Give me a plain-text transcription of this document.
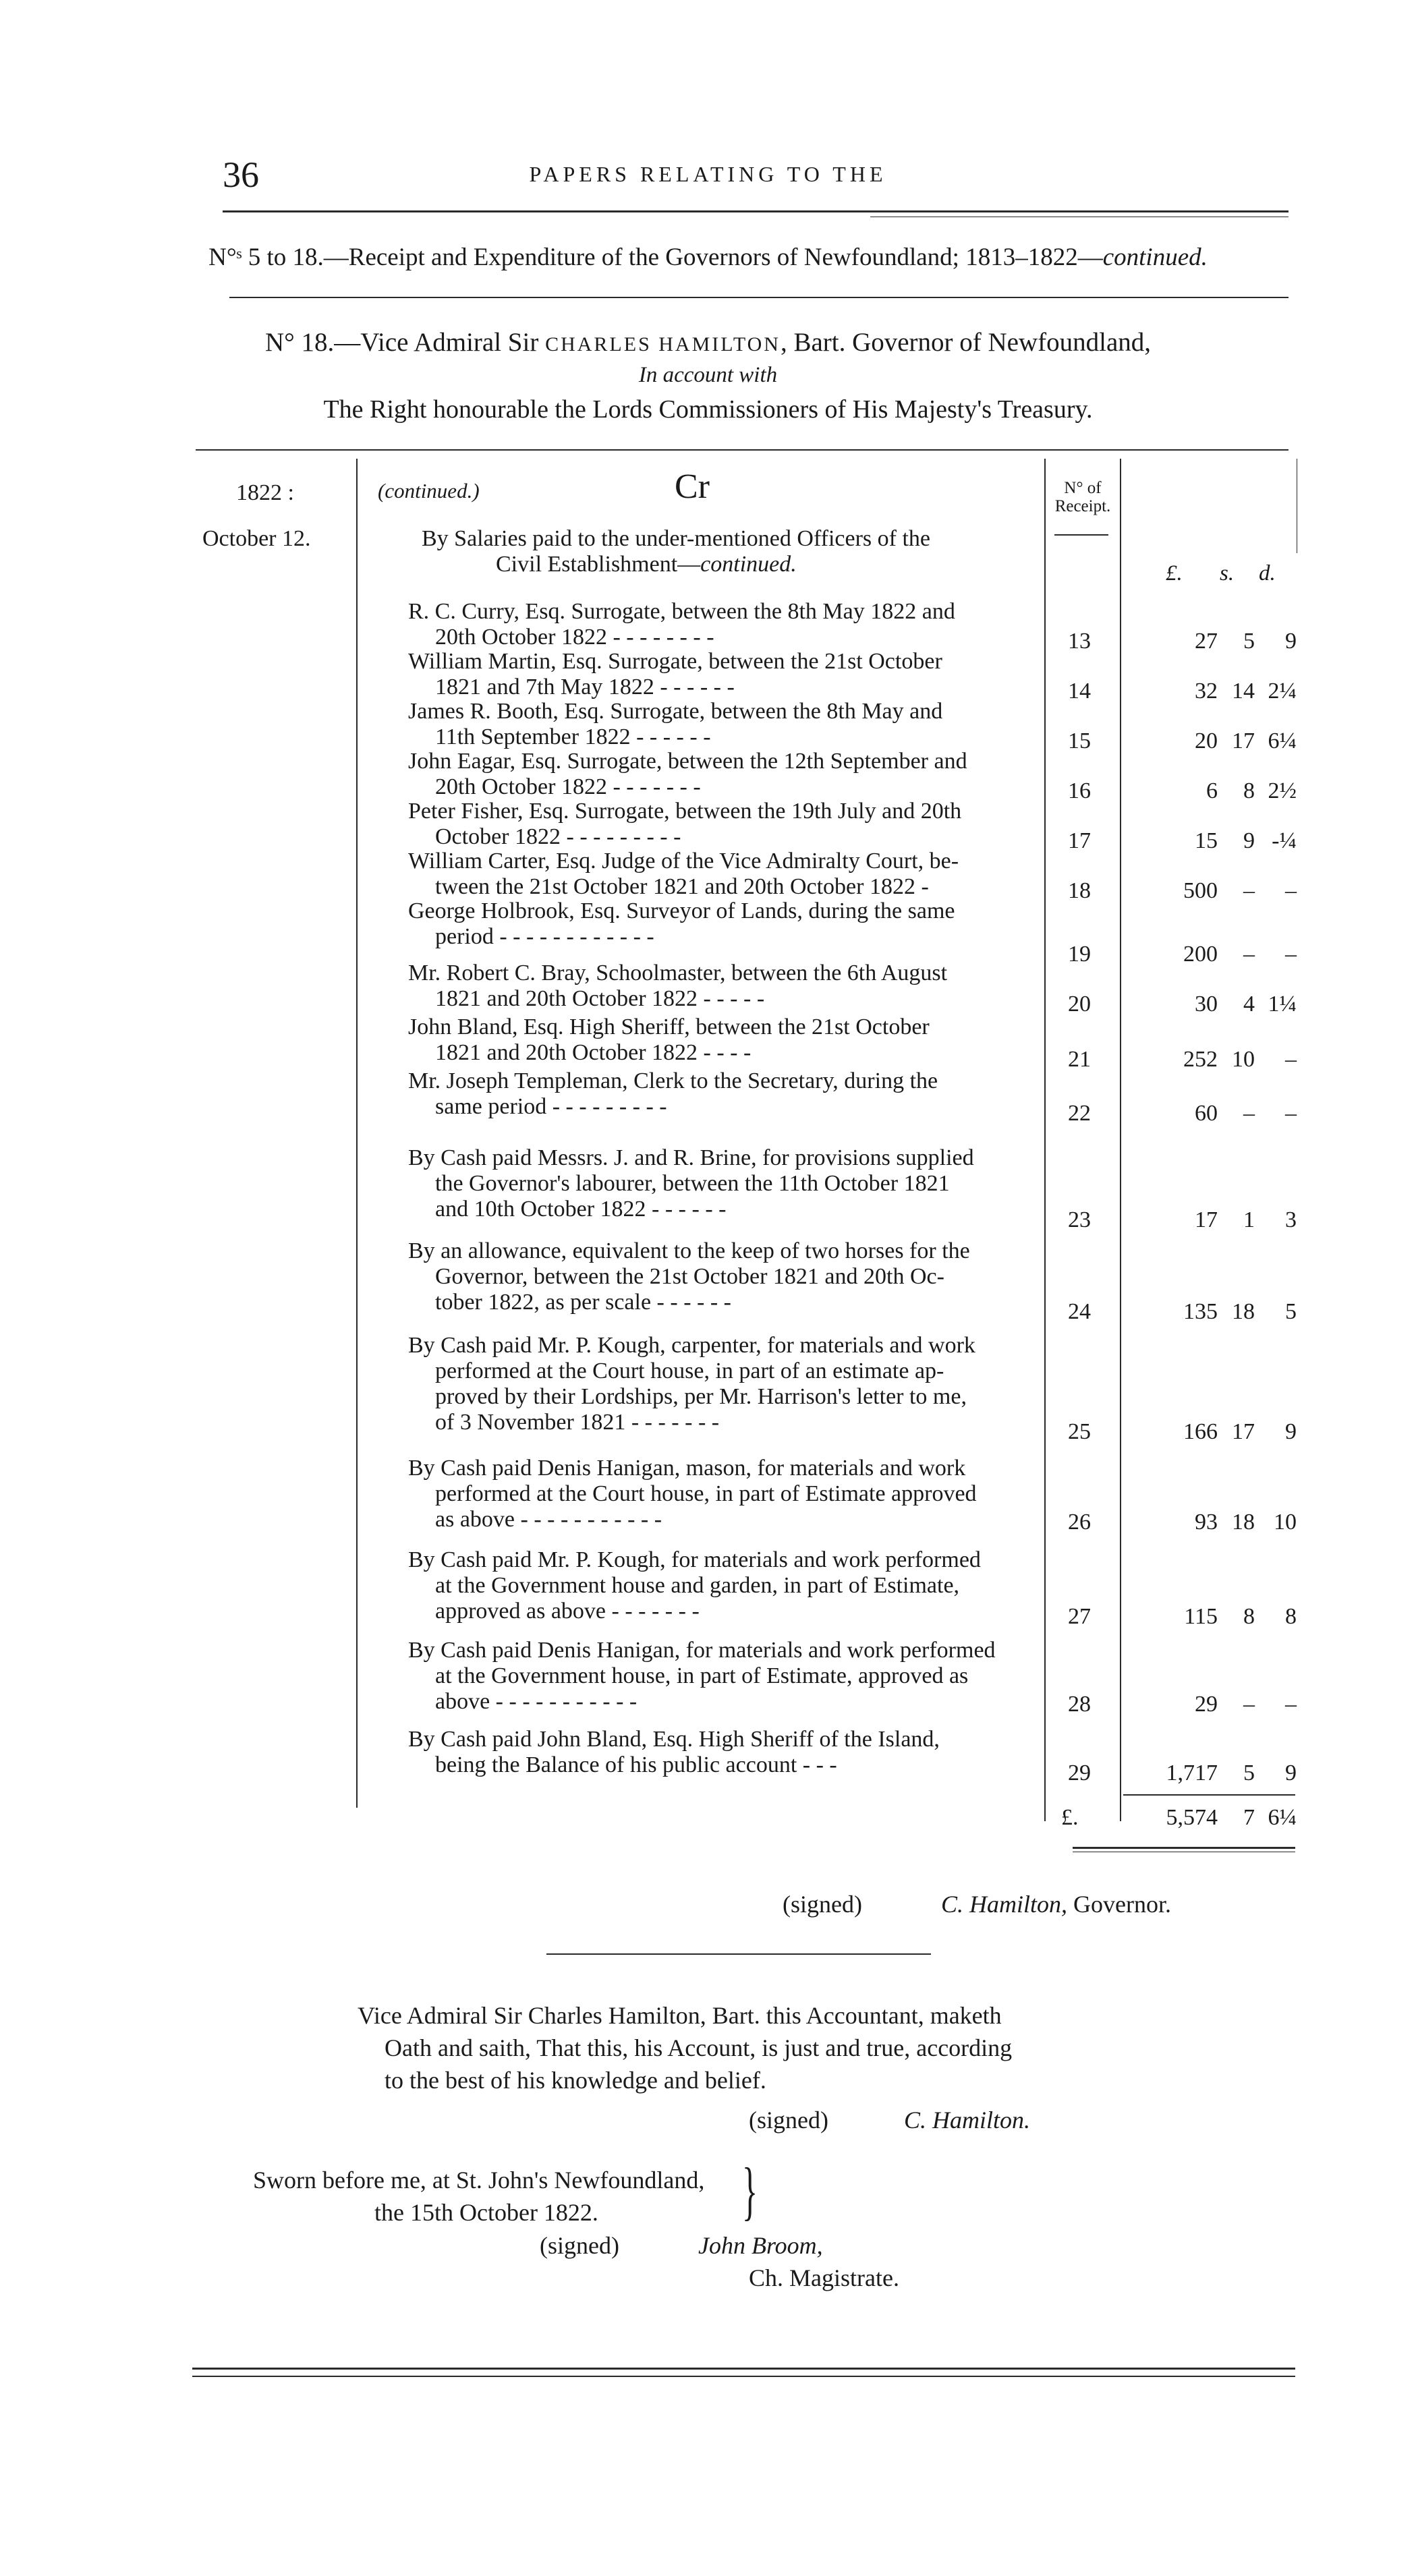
36	PAPERS RELATING TO THE
N°ˢ 5 to 18.—Receipt and Expenditure of the Governors of Newfoundland; 1813–1822—continued.
N° 18.—Vice Admiral Sir CHARLES HAMILTON, Bart. Governor of Newfoundland,
In account with
The Right honourable the Lords Commissioners of His Majesty's Treasury.
1822 :
October 12.
(continued.)	Cr	N° of Receipt.
£. s. d.
By Salaries paid to the under-mentioned Officers of the
Civil Establishment—continued.
R. C. Curry, Esq. Surrogate, between the 8th May 1822 and
20th October 1822 - - - - - - - -	13	27	5	9
William Martin, Esq. Surrogate, between the 21st October
1821 and 7th May 1822 - - - - - -	14	32 14 2¼
James R. Booth, Esq. Surrogate, between the 8th May and
11th September 1822 - - - - - -	15	20 17 6¼
John Eagar, Esq. Surrogate, between the 12th September and
20th October 1822 - - - - - - -	16	6	8 2½
Peter Fisher, Esq. Surrogate, between the 19th July and 20th
October 1822 - - - - - - - - -	17	15	9 -¼
William Carter, Esq. Judge of the Vice Admiralty Court, be-
tween the 21st October 1821 and 20th October 1822 -	18	500	–	–
George Holbrook, Esq. Surveyor of Lands, during the same
period - - - - - - - - - - - -
19	200	–	–
Mr. Robert C. Bray, Schoolmaster, between the 6th August
1821 and 20th October 1822 - - - - -	20	30	4 1¼
John Bland, Esq. High Sheriff, between the 21st October
1821 and 20th October 1822 - - - -	21	252 10	–
Mr. Joseph Templeman, Clerk to the Secretary, during the
same period - - - - - - - - -	22	60	–	–
By Cash paid Messrs. J. and R. Brine, for provisions supplied
the Governor's labourer, between the 11th October 1821
and 10th October 1822 - - - - - -	23	17	1	3
By an allowance, equivalent to the keep of two horses for the
Governor, between the 21st October 1821 and 20th Oc-
tober 1822, as per scale - - - - - -	24	135 18	5
By Cash paid Mr. P. Kough, carpenter, for materials and work
performed at the Court house, in part of an estimate ap-
proved by their Lordships, per Mr. Harrison's letter to me,
of 3 November 1821 - - - - - - -	25	166 17	9
By Cash paid Denis Hanigan, mason, for materials and work
performed at the Court house, in part of Estimate approved
as above - - - - - - - - - - -	26	93 18 10
By Cash paid Mr. P. Kough, for materials and work performed
at the Government house and garden, in part of Estimate,
approved as above - - - - - - -	27	115	8	8
By Cash paid Denis Hanigan, for materials and work performed
at the Government house, in part of Estimate, approved as
above - - - - - - - - - - -	28	29	–	–
By Cash paid John Bland, Esq. High Sheriff of the Island,
being the Balance of his public account - - -	29	1,717	5	9
£.	5,574	7 6¼
(signed)	C. Hamilton, Governor.
Vice Admiral Sir Charles Hamilton, Bart. this Accountant, maketh
Oath and saith, That this, his Account, is just and true, according
to the best of his knowledge and belief.
(signed)	C. Hamilton.
Sworn before me, at St. John's Newfoundland,
the 15th October 1822.	}
(signed)	John Broom,
Ch. Magistrate.
